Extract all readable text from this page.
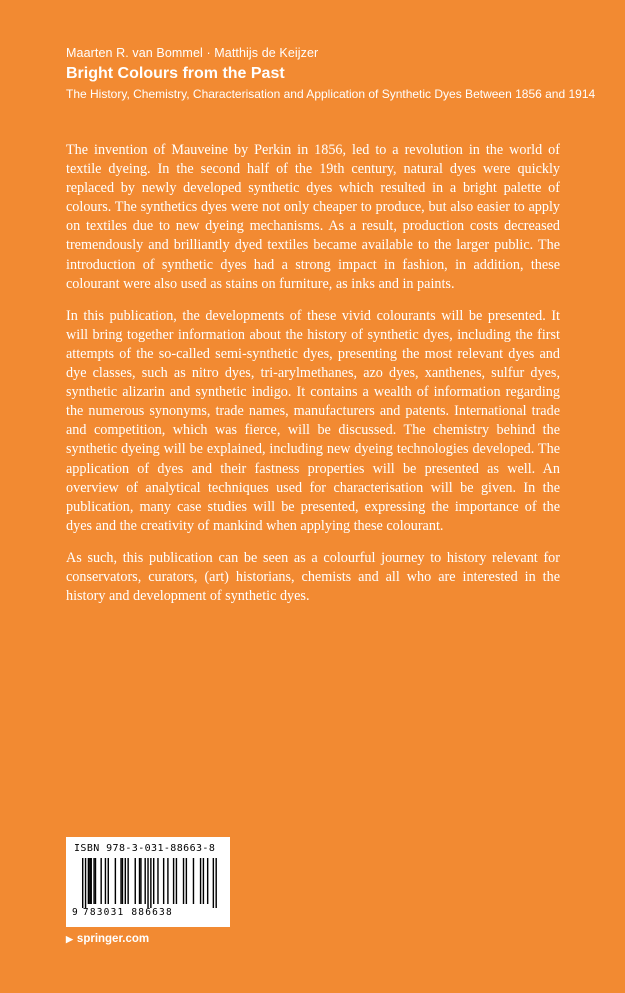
Maarten R. van Bommel · Matthijs de Keijzer
Bright Colours from the Past
The History, Chemistry, Characterisation and Application of Synthetic Dyes Between 1856 and 1914

The invention of Mauveine by Perkin in 1856, led to a revolution in the world of textile dyeing. In the second half of the 19th century, natural dyes were quickly replaced by newly developed synthetic dyes which resulted in a bright palette of colours. The synthetics dyes were not only cheaper to produce, but also easier to apply on textiles due to new dyeing mechanisms. As a result, production costs decreased tremendously and brilliantly dyed textiles became available to the larger public. The introduction of synthetic dyes had a strong impact in fashion, in addition, these colourant were also used as stains on furniture, as inks and in paints.

In this publication, the developments of these vivid colourants will be presented. It will bring together information about the history of synthetic dyes, including the first attempts of the so-called semi-synthetic dyes, presenting the most relevant dyes and dye classes, such as nitro dyes, tri-arylmethanes, azo dyes, xanthenes, sulfur dyes, synthetic alizarin and synthetic indigo. It contains a wealth of information regarding the numerous synonyms, trade names, manufacturers and patents. International trade and competition, which was fierce, will be discussed. The chemistry behind the synthetic dyeing will be explained, including new dyeing technologies developed. The application of dyes and their fastness properties will be presented as well. An overview of analytical techniques used for characterisation will be given. In the publication, many case studies will be presented, expressing the importance of the dyes and the creativity of mankind when applying these colourant.

As such, this publication can be seen as a colourful journey to history relevant for conservators, curators, (art) historians, chemists and all who are interested in the history and development of synthetic dyes.

ISBN 978-3-031-88663-8
9 783031 886638
▶ springer.com
